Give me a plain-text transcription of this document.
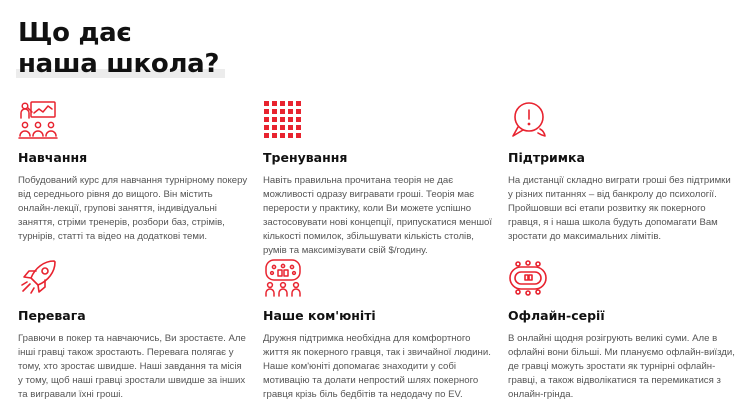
Що дає
наша школа?
Навчання

Побудований курс для навчання турнірному покеру від середнього рівня до вищого. Він містить онлайн-лекції, групові заняття, індивідуальні заняття, стріми тренерів, розбори баз, стрімів, турнірів, статті та відео на додаткові теми.

Тренування

Навіть правильна прочитана теорія не дає можливості одразу вигравати гроші. Теорія має перерости у практику, коли Ви можете успішно застосовувати нові концепції, припускатися меншої кількості помилок, збільшувати кількість столів, румів та максимізувати свій $/годину.

Підтримка

На дистанції складно виграти гроші без підтримки у різних питаннях – від банкролу до психології. Пройшовши всі етапи розвитку як покерного гравця, я і наша школа будуть допомагати Вам зростати до максимальних лімітів.

Перевага

Гравючи в покер та навчаючись, Ви зростаєте. Але інші гравці також зростають. Перевага полягає у тому, хто зростає швидше. Наші завдання та місія у тому, щоб наші гравці зростали швидше за інших та вигравали їхні гроші.

Наше ком'юніті

Дружня підтримка необхідна для комфортного життя як покерного гравця, так і звичайної людини. Наше ком'юніті допомагає знаходити у собі мотивацію та долати непростий шлях покерного гравця крізь біль бедбітів та недодачу по EV.

Офлайн-серії

В онлайні щодня розігрують великі суми. Але в офлайні вони більші. Ми плануємо офлайн-виїзди, де гравці можуть зростати як турнірні офлайн-гравці, а також відволікатися та перемикатися з онлайн-грінда.
